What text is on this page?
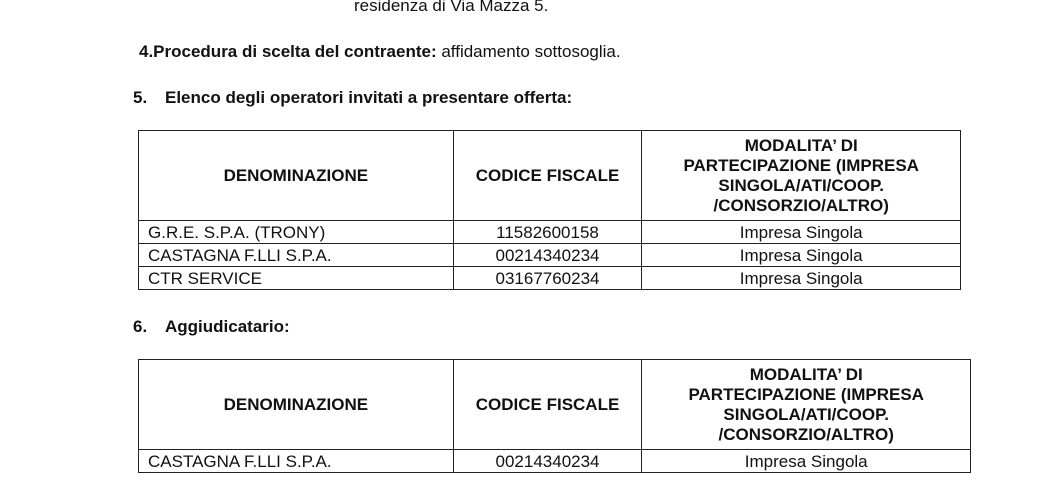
residenza di Via Mazza 5.
4.Procedura di scelta del contraente: affidamento sottosoglia.
5. Elenco degli operatori invitati a presentare offerta:
DENOMINAZIONE	CODICE FISCALE	MODALITA’ DI
PARTECIPAZIONE (IMPRESA
SINGOLA/ATI/COOP.
/CONSORZIO/ALTRO)

G.R.E. S.P.A. (TRONY)	11582600158	Impresa Singola
CASTAGNA F.LLI S.P.A.	00214340234	Impresa Singola
CTR SERVICE	03167760234	Impresa Singola
6. Aggiudicatario:
DENOMINAZIONE	CODICE FISCALE	MODALITA’ DI
PARTECIPAZIONE (IMPRESA
SINGOLA/ATI/COOP.
/CONSORZIO/ALTRO)

CASTAGNA F.LLI S.P.A.	00214340234	Impresa Singola
